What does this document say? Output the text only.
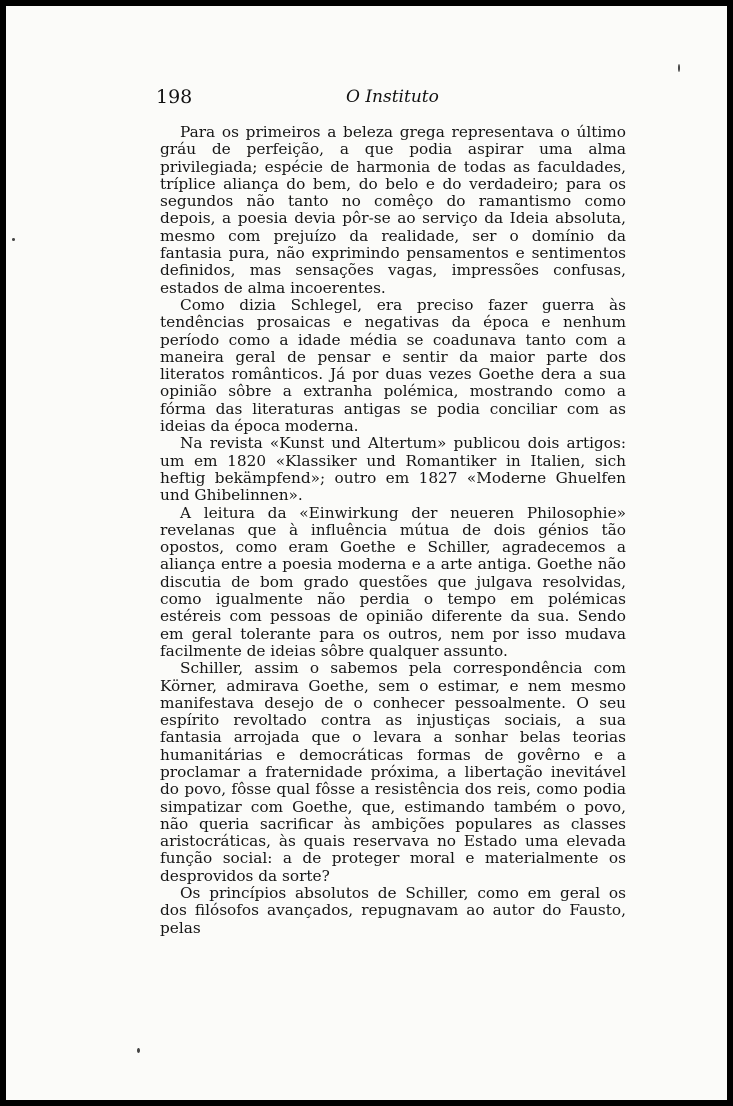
198	O Instituto

Para os primeiros a beleza grega representava o último gráu de perfeição, a que podia aspirar uma alma privilegiada; espécie de harmonia de todas as faculdades, tríplice aliança do bem, do belo e do verdadeiro; para os segundos não tanto no comêço do ramantismo como depois, a poesia devia pôr-se ao serviço da Ideia absoluta, mesmo com prejuízo da realidade, ser o domínio da fantasia pura, não exprimindo pensamentos e sentimentos definidos, mas sensações vagas, impressões confusas, estados de alma incoerentes.

Como dizia Schlegel, era preciso fazer guerra às tendências prosaicas e negativas da época e nenhum período como a idade média se coadunava tanto com a maneira geral de pensar e sentir da maior parte dos literatos românticos. Já por duas vezes Goethe dera a sua opinião sôbre a extranha polémica, mostrando como a fórma das literaturas antigas se podia conciliar com as ideias da época moderna.

Na revista «Kunst und Altertum» publicou dois artigos: um em 1820 «Klassiker und Romantiker in Italien, sich heftig bekämpfend»; outro em 1827 «Moderne Ghuelfen und Ghibelinnen».

A leitura da «Einwirkung der neueren Philosophie» revelanas que à influência mútua de dois génios tão opostos, como eram Goethe e Schiller, agradecemos a aliança entre a poesia moderna e a arte antiga. Goethe não discutia de bom grado questões que julgava resolvidas, como igualmente não perdia o tempo em polémicas estéreis com pessoas de opinião diferente da sua. Sendo em geral tolerante para os outros, nem por isso mudava facilmente de ideias sôbre qualquer assunto.

Schiller, assim o sabemos pela correspondência com Körner, admirava Goethe, sem o estimar, e nem mesmo manifestava desejo de o conhecer pessoalmente. O seu espírito revoltado contra as injustiças sociais, a sua fantasia arrojada que o levara a sonhar belas teorias humanitárias e democráticas formas de govêrno e a proclamar a fraternidade próxima, a libertação inevitável do povo, fôsse qual fôsse a resistência dos reis, como podia simpatizar com Goethe, que, estimando também o povo, não queria sacrificar às ambições populares as classes aristocráticas, às quais reservava no Estado uma elevada função social: a de proteger moral e materialmente os desprovidos da sorte?

Os princípios absolutos de Schiller, como em geral os dos filósofos avançados, repugnavam ao autor do Fausto, pelas
